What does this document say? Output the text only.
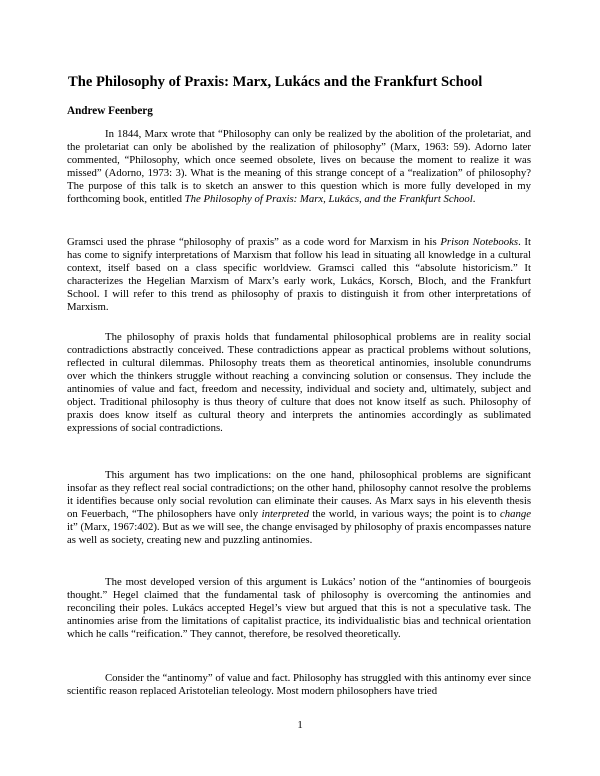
The Philosophy of Praxis: Marx, Lukács and the Frankfurt School

Andrew Feenberg

In 1844, Marx wrote that “Philosophy can only be realized by the abolition of the proletariat, and the proletariat can only be abolished by the realization of philosophy” (Marx, 1963: 59). Adorno later commented, “Philosophy, which once seemed obsolete, lives on because the moment to realize it was missed” (Adorno, 1973: 3). What is the meaning of this strange concept of a “realization” of philosophy? The purpose of this talk is to sketch an answer to this question which is more fully developed in my forthcoming book, entitled The Philosophy of Praxis: Marx, Lukács, and the Frankfurt School.

Gramsci used the phrase “philosophy of praxis” as a code word for Marxism in his Prison Notebooks. It has come to signify interpretations of Marxism that follow his lead in situating all knowledge in a cultural context, itself based on a class specific worldview. Gramsci called this “absolute historicism.” It characterizes the Hegelian Marxism of Marx’s early work, Lukács, Korsch, Bloch, and the Frankfurt School. I will refer to this trend as philosophy of praxis to distinguish it from other interpretations of Marxism.

The philosophy of praxis holds that fundamental philosophical problems are in reality social contradictions abstractly conceived. These contradictions appear as practical problems without solutions, reflected in cultural dilemmas. Philosophy treats them as theoretical antinomies, insoluble conundrums over which the thinkers struggle without reaching a convincing solution or consensus. They include the antinomies of value and fact, freedom and necessity, individual and society and, ultimately, subject and object. Traditional philosophy is thus theory of culture that does not know itself as such. Philosophy of praxis does know itself as cultural theory and interprets the antinomies accordingly as sublimated expressions of social contradictions.

This argument has two implications: on the one hand, philosophical problems are significant insofar as they reflect real social contradictions; on the other hand, philosophy cannot resolve the problems it identifies because only social revolution can eliminate their causes. As Marx says in his eleventh thesis on Feuerbach, “The philosophers have only interpreted the world, in various ways; the point is to change it” (Marx, 1967:402). But as we will see, the change envisaged by philosophy of praxis encompasses nature as well as society, creating new and puzzling antinomies.

The most developed version of this argument is Lukács’ notion of the “antinomies of bourgeois thought.” Hegel claimed that the fundamental task of philosophy is overcoming the antinomies and reconciling their poles. Lukács accepted Hegel’s view but argued that this is not a speculative task. The antinomies arise from the limitations of capitalist practice, its individualistic bias and technical orientation which he calls “reification.” They cannot, therefore, be resolved theoretically.

Consider the “antinomy” of value and fact. Philosophy has struggled with this antinomy ever since scientific reason replaced Aristotelian teleology. Most modern philosophers have tried

1
